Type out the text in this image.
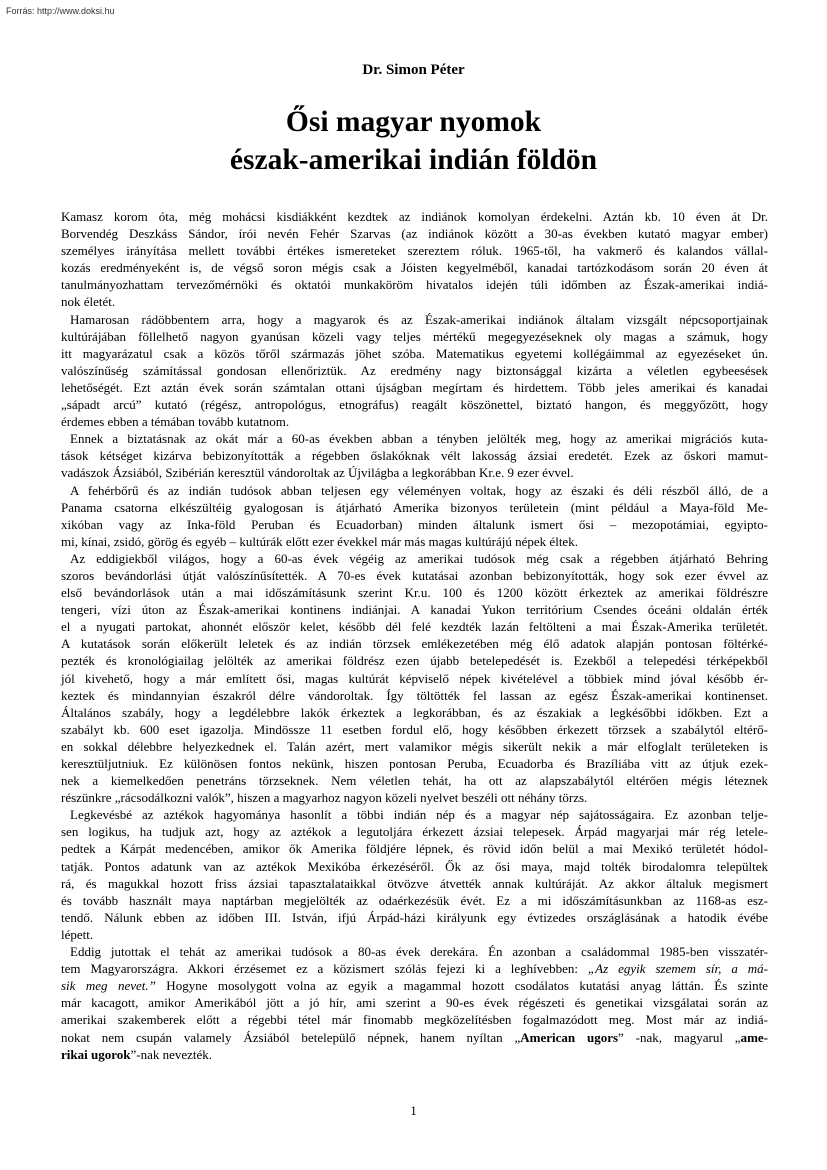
Forrás: http://www.doksi.hu
Dr. Simon Péter
Ősi magyar nyomok
észak-amerikai indián földön
Kamasz korom óta, még mohácsi kisdiákként kezdtek az indiánok komolyan érdekelni. Aztán kb. 10 éven át Dr.
Borvendég Deszkáss Sándor, írói nevén Fehér Szarvas (az indiánok között a 30-as években kutató magyar ember)
személyes irányítása mellett további értékes ismereteket szereztem róluk. 1965-től, ha vakmerő és kalandos vállal-
kozás eredményeként is, de végső soron mégis csak a Jóisten kegyelméből, kanadai tartózkodásom során 20 éven át
tanulmányozhattam tervezőmérnöki és oktatói munkaköröm hivatalos idején túli időmben az Észak-amerikai indiá-
nok életét.
Hamarosan rádöbbentem arra, hogy a magyarok és az Észak-amerikai indiánok általam vizsgált népcsoportjainak
kultúrájában föllelhető nagyon gyanúsan közeli vagy teljes mértékű megegyezéseknek oly magas a számuk, hogy
itt magyarázatul csak a közös tőről származás jöhet szóba. Matematikus egyetemi kollégáimmal az egyezéseket ún.
valószínűség számítással gondosan ellenőriztük. Az eredmény nagy biztonsággal kizárta a véletlen egybeesések
lehetőségét. Ezt aztán évek során számtalan ottani újságban megírtam és hirdettem. Több jeles amerikai és kanadai
„sápadt arcú” kutató (régész, antropológus, etnográfus) reagált köszönettel, biztató hangon, és meggyőzött, hogy
érdemes ebben a témában tovább kutatnom.
Ennek a biztatásnak az okát már a 60-as években abban a tényben jelölték meg, hogy az amerikai migrációs kuta-
tások kétséget kizárva bebizonyították a régebben őslakóknak vélt lakosság ázsiai eredetét. Ezek az őskori mamut-
vadászok Ázsiából, Szibérián keresztül vándoroltak az Újvilágba a legkorábban Kr.e. 9 ezer évvel.
A fehérbőrű és az indián tudósok abban teljesen egy véleményen voltak, hogy az északi és déli részből álló, de a
Panama csatorna elkészültéig gyalogosan is átjárható Amerika bizonyos területein (mint például a Maya-föld Me-
xikóban vagy az Inka-föld Peruban és Ecuadorban) minden általunk ismert ősi – mezopotámiai, egyipto-
mi, kínai, zsidó, görög és egyéb – kultúrák előtt ezer évekkel már más magas kultúrájú népek éltek.
Az eddigiekből világos, hogy a 60-as évek végéig az amerikai tudósok még csak a régebben átjárható Behring
szoros bevándorlási útját valószínűsítették. A 70-es évek kutatásai azonban bebizonyították, hogy sok ezer évvel az
első bevándorlások után a mai időszámításunk szerint Kr.u. 100 és 1200 között érkeztek az amerikai földrészre
tengeri, vízi úton az Észak-amerikai kontinens indiánjai. A kanadai Yukon territórium Csendes óceáni oldalán érték
el a nyugati partokat, ahonnét először kelet, később dél felé kezdték lazán feltölteni a mai Észak-Amerika területét.
A kutatások során előkerült leletek és az indián törzsek emlékezetében még élő adatok alapján pontosan föltérké-
pezték és kronológiailag jelölték az amerikai földrész ezen újabb betelepedését is. Ezekből a telepedési térképekből
jól kivehető, hogy a már említett ősi, magas kultúrát képviselő népek kivételével a többiek mind jóval később ér-
keztek és mindannyian északról délre vándoroltak. Így töltötték fel lassan az egész Észak-amerikai kontinenset.
Általános szabály, hogy a legdélebbre lakók érkeztek a legkorábban, és az északiak a legkésőbbi időkben. Ezt a
szabályt kb. 600 eset igazolja. Mindössze 11 esetben fordul elő, hogy későbben érkezett törzsek a szabálytól eltérő-
en sokkal délebbre helyezkednek el. Talán azért, mert valamikor mégis sikerült nekik a már elfoglalt területeken is
keresztüljutniuk. Ez különösen fontos nekünk, hiszen pontosan Peruba, Ecuadorba és Brazíliába vitt az útjuk ezek-
nek a kiemelkedően penetráns törzseknek. Nem véletlen tehát, ha ott az alapszabálytól eltérően mégis léteznek
részünkre „rácsodálkozni valók”, hiszen a magyarhoz nagyon közeli nyelvet beszéli ott néhány törzs.
Legkevésbé az aztékok hagyománya hasonlít a többi indián nép és a magyar nép sajátosságaira. Ez azonban telje-
sen logikus, ha tudjuk azt, hogy az aztékok a legutoljára érkezett ázsiai telepesek. Árpád magyarjai már rég letele-
pedtek a Kárpát medencében, amikor ők Amerika földjére lépnek, és rövid időn belül a mai Mexikó területét hódol-
tatják. Pontos adatunk van az aztékok Mexikóba érkezéséről. Ők az ősi maya, majd tolték birodalomra települtek
rá, és magukkal hozott friss ázsiai tapasztalataikkal ötvözve átvették annak kultúráját. Az akkor általuk megismert
és tovább használt maya naptárban megjelölték az odaérkezésük évét. Ez a mi időszámításunkban az 1168-as esz-
tendő. Nálunk ebben az időben III. István, ifjú Árpád-házi királyunk egy évtizedes országlásának a hatodik évébe
lépett.
Eddig jutottak el tehát az amerikai tudósok a 80-as évek derekára. Én azonban a családommal 1985-ben visszatér-
tem Magyarországra. Akkori érzésemet ez a közismert szólás fejezi ki a leghívebben: „Az egyik szemem sír, a má-
sik meg nevet.” Hogyne mosolygott volna az egyik a magammal hozott csodálatos kutatási anyag láttán. És szinte
már kacagott, amikor Amerikából jött a jó hír, ami szerint a 90-es évek régészeti és genetikai vizsgálatai során az
amerikai szakemberek előtt a régebbi tétel már finomabb megközelítésben fogalmazódott meg. Most már az indiá-
nokat nem csupán valamely Ázsiából betelepülő népnek, hanem nyíltan „American ugors” -nak, magyarul „ame-
rikai ugorok”-nak nevezték.
1
